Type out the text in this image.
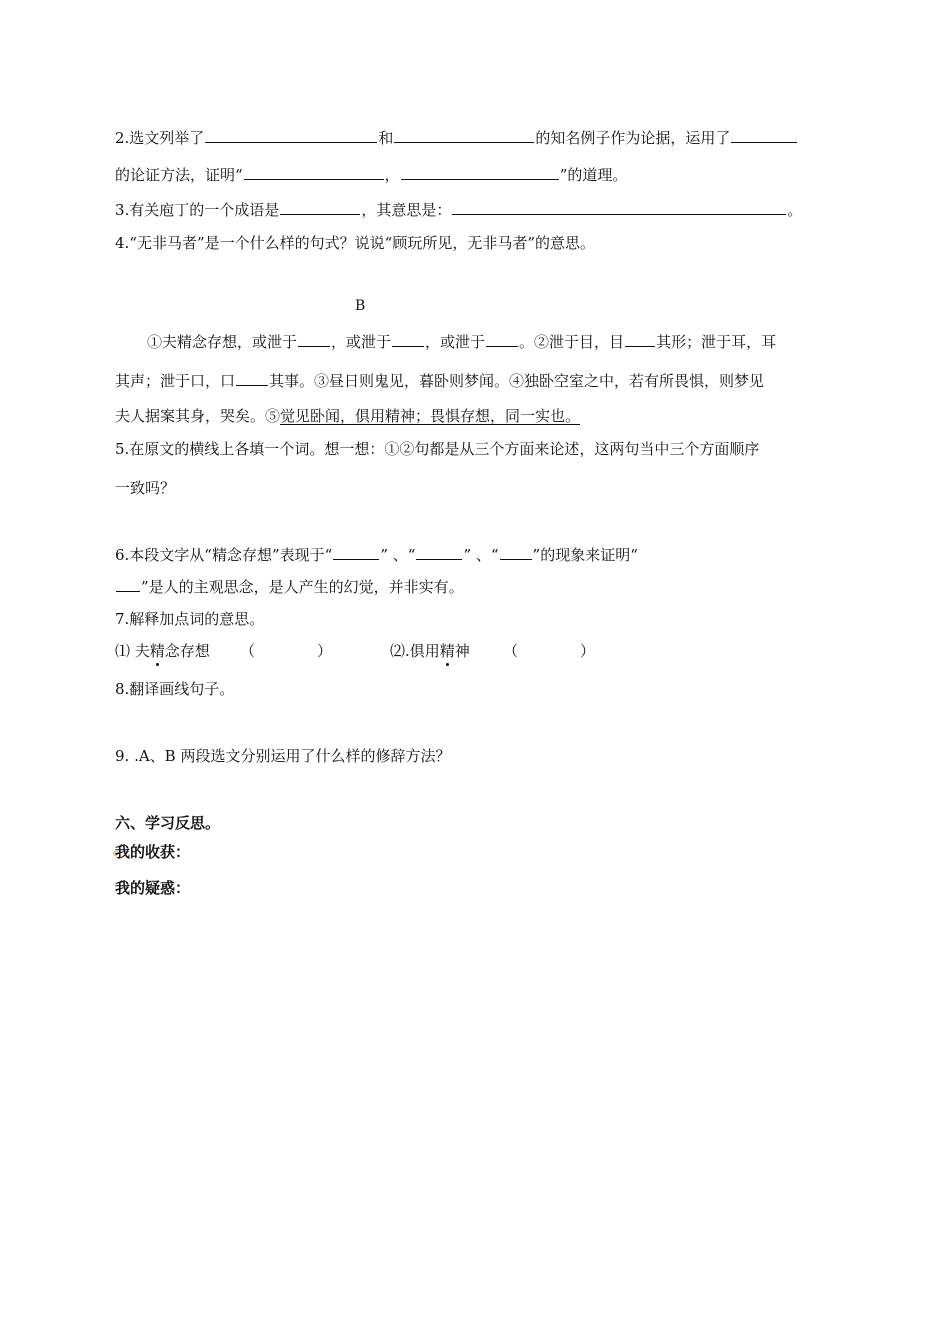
2.选文列举了	和	的知名例子作为论据，运用了
的论证方法，证明“	，	”的道理。
3.有关庖丁的一个成语是	，其意思是：	。
4.“无非马者”是一个什么样的句式？说说“顾玩所见，无非马者”的意思。
B
①夫精念存想，或泄于 ，或泄于 ，或泄于 。②泄于目，目 其形；泄于耳，耳
其声；泄于口，口 其事。③昼日则鬼见，暮卧则梦闻。④独卧空室之中，若有所畏惧，则梦见
夫人据案其身，哭矣。⑤觉见卧闻，俱用精神；畏惧存想，同一实也。
5.在原文的横线上各填一个词。想一想：①②句都是从三个方面来论述，这两句当中三个方面顺序
一致吗？
6.本段文字从“精念存想”表现于“	” 、“	” 、“ ”的现象来证明“
”是人的主观思念，是人产生的幻觉，并非实有。
7.解释加点词的意思。
⑴ 夫精念存想 （	）	⑵.俱用精神 （	）
8.翻译画线句子。
9. .A、B 两段选文分别运用了什么样的修辞方法？
六、学习反思。
我的收获：
我的疑惑：
